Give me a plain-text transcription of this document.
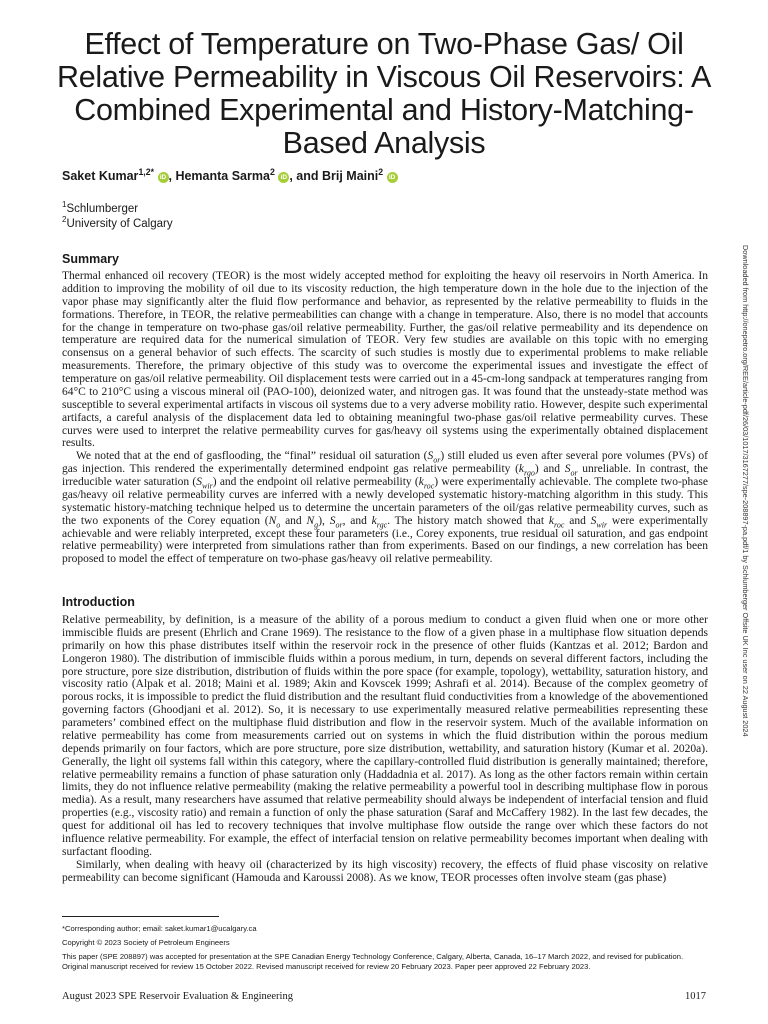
Effect of Temperature on Two-Phase Gas/ Oil Relative Permeability in Viscous Oil Reservoirs: A Combined Experimental and History-Matching-Based Analysis
Saket Kumar$^{1,2*}$ iD , Hemanta Sarma$^2$ iD , and Brij Maini$^2$ iD
$^1$Schlumberger
$^2$University of Calgary
Summary

Thermal enhanced oil recovery (TEOR) is the most widely accepted method for exploiting the heavy oil reservoirs in North America. In addition to improving the mobility of oil due to its viscosity reduction, the high temperature down in the hole due to the injection of the vapor phase may significantly alter the fluid flow performance and behavior, as represented by the relative permeability to fluids in the formations. Therefore, in TEOR, the relative permeabilities can change with a change in temperature. Also, there is no model that accounts for the change in temperature on two-phase gas/oil relative permeability. Further, the gas/oil relative permeability and its dependence on temperature are required data for the numerical simulation of TEOR. Very few studies are available on this topic with no emerging consensus on a general behavior of such effects. The scarcity of such studies is mostly due to experimental problems to make reliable measurements. Therefore, the primary objective of this study was to overcome the experimental issues and investigate the effect of temperature on gas/oil relative permeability. Oil displacement tests were carried out in a 45-cm-long sandpack at temperatures ranging from 64°C to 210°C using a viscous mineral oil (PAO-100), deionized water, and nitrogen gas. It was found that the unsteady-state method was susceptible to several experimental artifacts in viscous oil systems due to a very adverse mobility ratio. However, despite such experimental artifacts, a careful analysis of the displacement data led to obtaining meaningful two-phase gas/oil relative permeability curves. These curves were used to interpret the relative permeability curves for gas/heavy oil systems using the experimentally obtained displacement results.

We noted that at the end of gasflooding, the “final” residual oil saturation $(S_{or})$ still eluded us even after several pore volumes (PVs) of gas injection. This rendered the experimentally determined endpoint gas relative permeability $(k_{rgo})$ and $S_{or}$ unreliable. In contrast, the irreducible water saturation $(S_{wir})$ and the endpoint oil relative permeability $(k_{roc})$ were experimentally achievable. The complete two-phase gas/heavy oil relative permeability curves are inferred with a newly developed systematic history-matching algorithm in this study. This systematic history-matching technique helped us to determine the uncertain parameters of the oil/gas relative permeability curves, such as the two exponents of the Corey equation ($N_o$ and $N_g$), $S_{or}$, and $k_{rgc}$. The history match showed that $k_{roc}$ and $S_{wir}$ were experimentally achievable and were reliably interpreted, except these four parameters (i.e., Corey exponents, true residual oil saturation, and gas endpoint relative permeability) were interpreted from simulations rather than from experiments. Based on our findings, a new correlation has been proposed to model the effect of temperature on two-phase gas/heavy oil relative permeability.

Introduction

Relative permeability, by definition, is a measure of the ability of a porous medium to conduct a given fluid when one or more other immiscible fluids are present (Ehrlich and Crane 1969). The resistance to the flow of a given phase in a multiphase flow situation depends primarily on how this phase distributes itself within the reservoir rock in the presence of other fluids (Kantzas et al. 2012; Bardon and Longeron 1980). The distribution of immiscible fluids within a porous medium, in turn, depends on several different factors, including the pore structure, pore size distribution, distribution of fluids within the pore space (for example, topology), wettability, saturation history, and viscosity ratio (Alpak et al. 2018; Maini et al. 1989; Akin and Kovscek 1999; Ashrafi et al. 2014). Because of the complex geometry of porous rocks, it is impossible to predict the fluid distribution and the resultant fluid conductivities from a knowledge of the abovementioned governing factors (Ghoodjani et al. 2012). So, it is necessary to use experimentally measured relative permeabilities representing these parameters’ combined effect on the multiphase fluid distribution and flow in the reservoir system. Much of the available information on relative permeability has come from measurements carried out on systems in which the fluid distribution within the porous medium depends primarily on four factors, which are pore structure, pore size distribution, wettability, and saturation history (Kumar et al. 2020a). Generally, the light oil systems fall within this category, where the capillary-controlled fluid distribution is generally maintained; therefore, relative permeability remains a function of phase saturation only (Haddadnia et al. 2017). As long as the other factors remain within certain limits, they do not influence relative permeability (making the relative permeability a powerful tool in describing multiphase flow in porous media). As a result, many researchers have assumed that relative permeability should always be independent of interfacial tension and fluid properties (e.g., viscosity ratio) and remain a function of only the phase saturation (Saraf and McCaffery 1982). In the last few decades, the quest for additional oil has led to recovery techniques that involve multiphase flow outside the range over which these factors do not influence relative permeability. For example, the effect of interfacial tension on relative permeability becomes important when dealing with surfactant flooding.

Similarly, when dealing with heavy oil (characterized by its high viscosity) recovery, the effects of fluid phase viscosity on relative permeability can become significant (Hamouda and Karoussi 2008). As we know, TEOR processes often involve steam (gas phase)

Downloaded from http://onepetro.org/REE/article-pdf/26/03/1017/3167277/spe-208897-pa.pdf/1 by Schlumberger Offsite UK Inc user on 22 August 2024
*Corresponding author; email: saket.kumar1@ucalgary.ca
Copyright © 2023 Society of Petroleum Engineers
This paper (SPE 208897) was accepted for presentation at the SPE Canadian Energy Technology Conference, Calgary, Alberta, Canada, 16–17 March 2022, and revised for publication. Original manuscript received for review 15 October 2022. Revised manuscript received for review 20 February 2023. Paper peer approved 22 February 2023.
August 2023 SPE Reservoir Evaluation & Engineering	1017
